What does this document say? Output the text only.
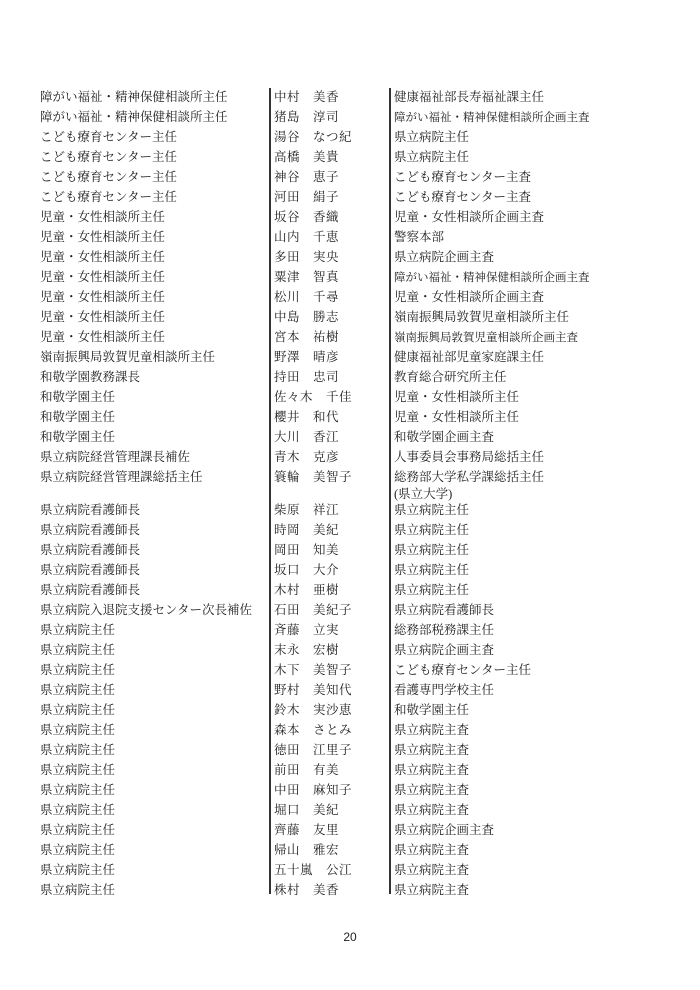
障がい福祉・精神保健相談所主任	中村　美香	健康福祉部長寿福祉課主任
障がい福祉・精神保健相談所主任	猪島　淳司	障がい福祉・精神保健相談所企画主査
こども療育センター主任	湯谷　なつ紀	県立病院主任
こども療育センター主任	高橋　美貴	県立病院主任
こども療育センター主任	神谷　恵子	こども療育センター主査
こども療育センター主任	河田　絹子	こども療育センター主査
児童・女性相談所主任	坂谷　香織	児童・女性相談所企画主査
児童・女性相談所主任	山内　千恵	警察本部
児童・女性相談所主任	多田　実央	県立病院企画主査
児童・女性相談所主任	粟津　智真	障がい福祉・精神保健相談所企画主査
児童・女性相談所主任	松川　千尋	児童・女性相談所企画主査
児童・女性相談所主任	中島　勝志	嶺南振興局敦賀児童相談所主任
児童・女性相談所主任	宮本　祐樹	嶺南振興局敦賀児童相談所企画主査
嶺南振興局敦賀児童相談所主任	野澤　晴彦	健康福祉部児童家庭課主任
和敬学園教務課長	持田　忠司	教育総合研究所主任
和敬学園主任	佐々木　千佳	児童・女性相談所主任
和敬学園主任	櫻井　和代	児童・女性相談所主任
和敬学園主任	大川　香江	和敬学園企画主査
県立病院経営管理課長補佐	青木　克彦	人事委員会事務局総括主任
県立病院経営管理課総括主任	簑輪　美智子	総務部大学私学課総括主任
(県立大学)
県立病院看護師長	柴原　祥江	県立病院主任
県立病院看護師長	時岡　美紀	県立病院主任
県立病院看護師長	岡田　知美	県立病院主任
県立病院看護師長	坂口　大介	県立病院主任
県立病院看護師長	木村　亜樹	県立病院主任
県立病院入退院支援センター次長補佐 石田　美紀子	県立病院看護師長
県立病院主任	斉藤　立実	総務部税務課主任
県立病院主任	末永　宏樹	県立病院企画主査
県立病院主任	木下　美智子	こども療育センター主任
県立病院主任	野村　美知代	看護専門学校主任
県立病院主任	鈴木　実沙恵	和敬学園主任
県立病院主任	森本　さとみ	県立病院主査
県立病院主任	徳田　江里子	県立病院主査
県立病院主任	前田　有美	県立病院主査
県立病院主任	中田　麻知子	県立病院主査
県立病院主任	堀口　美紀	県立病院主査
県立病院主任	齊藤　友里	県立病院企画主査
県立病院主任	帰山　雅宏	県立病院主査
県立病院主任	五十嵐　公江	県立病院主査
県立病院主任	株村　美香	県立病院主査
20
